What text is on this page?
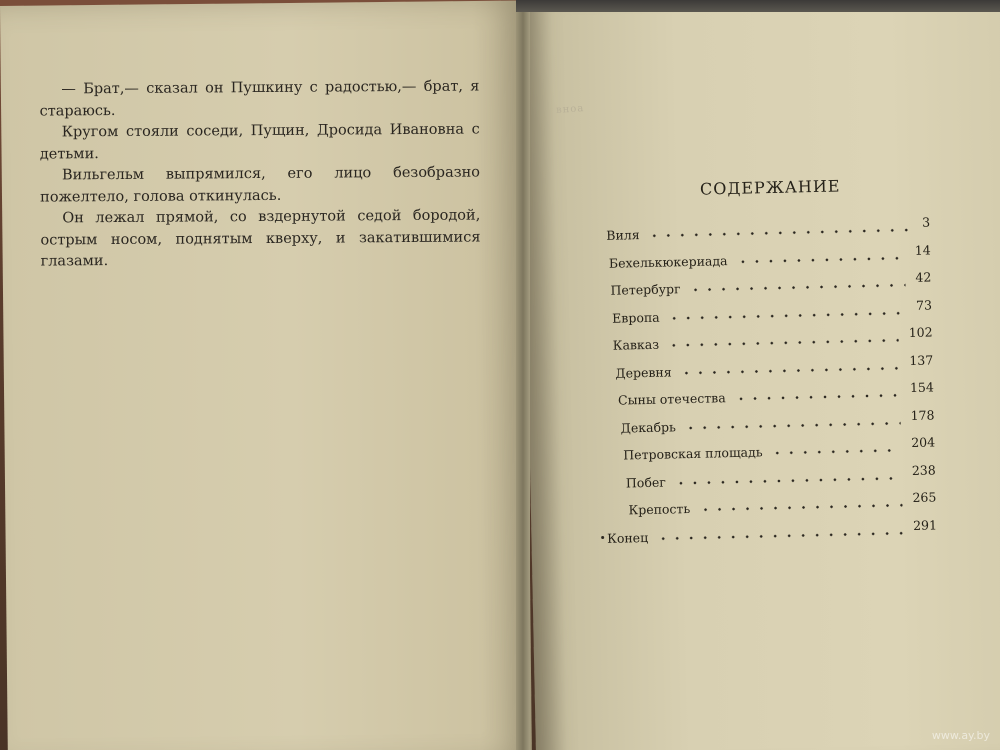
— Брат,— сказал он Пушкину с радостью,— брат, я стараюсь.

Кругом стояли соседи, Пущин, Дросида Ивановна с детьми.

Вильгельм выпрямился, его лицо безобразно пожелтело, голова откинулась.

Он лежал прямой, со вздернутой седой бородой, острым носом, поднятым кверху, и закатившимися глазами.

вноа
СОДЕРЖАНИЕ
Виля
3
Бехелькюкериада
14
Петербург
42
Европа
73
Кавказ
102
Деревня
137
Сыны отечества
154
Декабрь
178
Петровская площадь
204
Побег
238
Крепость
265
Конец
291
www.ay.by
